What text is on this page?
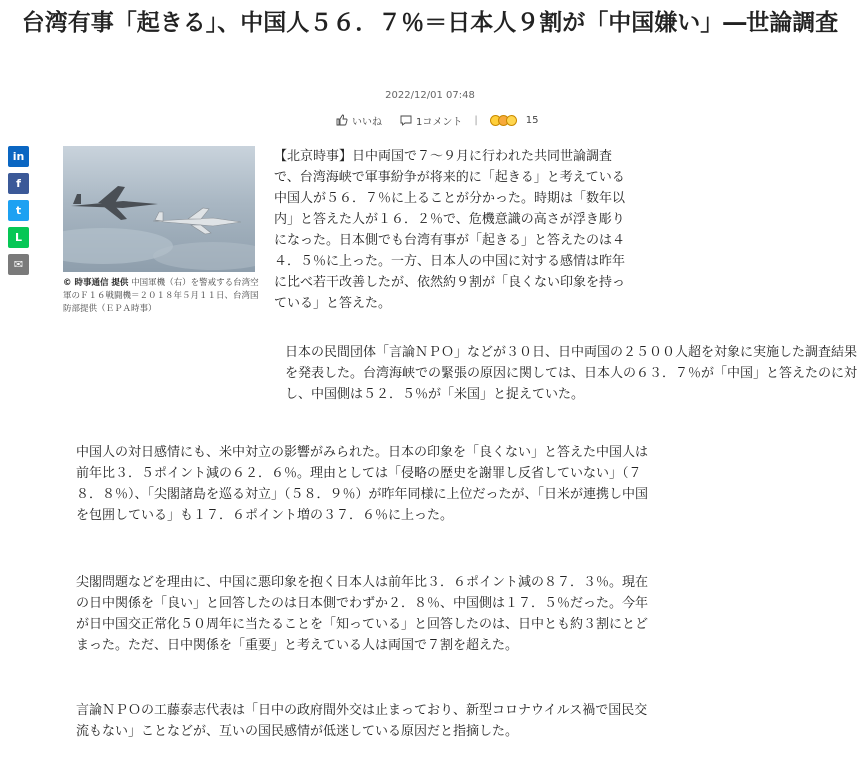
台湾有事「起きる」、中国人５６．７％＝日本人９割が「中国嫌い」―世論調査
2022/12/01 07:48
いいね	1コメント |	15
in
f
t
L
✉
© 時事通信 提供 中国軍機（右）を警戒する台湾空軍のＦ１６戦闘機＝２０１８年５月１１日、台湾国防部提供（ＥＰＡ時事）
【北京時事】日中両国で７～９月に行われた共同世論調査で、台湾海峡で軍事紛争が将来的に「起きる」と考えている中国人が５６．７％に上ることが分かった。時期は「数年以内」と答えた人が１６．２％で、危機意識の高さが浮き彫りになった。日本側でも台湾有事が「起きる」と答えたのは４４．５％に上った。一方、日本人の中国に対する感情は昨年に比べ若干改善したが、依然約９割が「良くない印象を持っている」と答えた。
日本の民間団体「言論ＮＰＯ」などが３０日、日中両国の２５００人超を対象に実施した調査結果を発表した。台湾海峡での緊張の原因に関しては、日本人の６３．７％が「中国」と答えたのに対し、中国側は５２．５％が「米国」と捉えていた。
中国人の対日感情にも、米中対立の影響がみられた。日本の印象を「良くない」と答えた中国人は前年比３．５ポイント減の６２．６％。理由としては「侵略の歴史を謝罪し反省していない」（７８．８％）、「尖閣諸島を巡る対立」（５８．９％）が昨年同様に上位だったが、「日米が連携し中国を包囲している」も１７．６ポイント増の３７．６％に上った。
尖閣問題などを理由に、中国に悪印象を抱く日本人は前年比３．６ポイント減の８７．３％。現在の日中関係を「良い」と回答したのは日本側でわずか２．８％、中国側は１７．５％だった。今年が日中国交正常化５０周年に当たることを「知っている」と回答したのは、日中とも約３割にとどまった。ただ、日中関係を「重要」と考えている人は両国で７割を超えた。
言論ＮＰＯの工藤泰志代表は「日中の政府間外交は止まっており、新型コロナウイルス禍で国民交流もない」ことなどが、互いの国民感情が低迷している原因だと指摘した。
